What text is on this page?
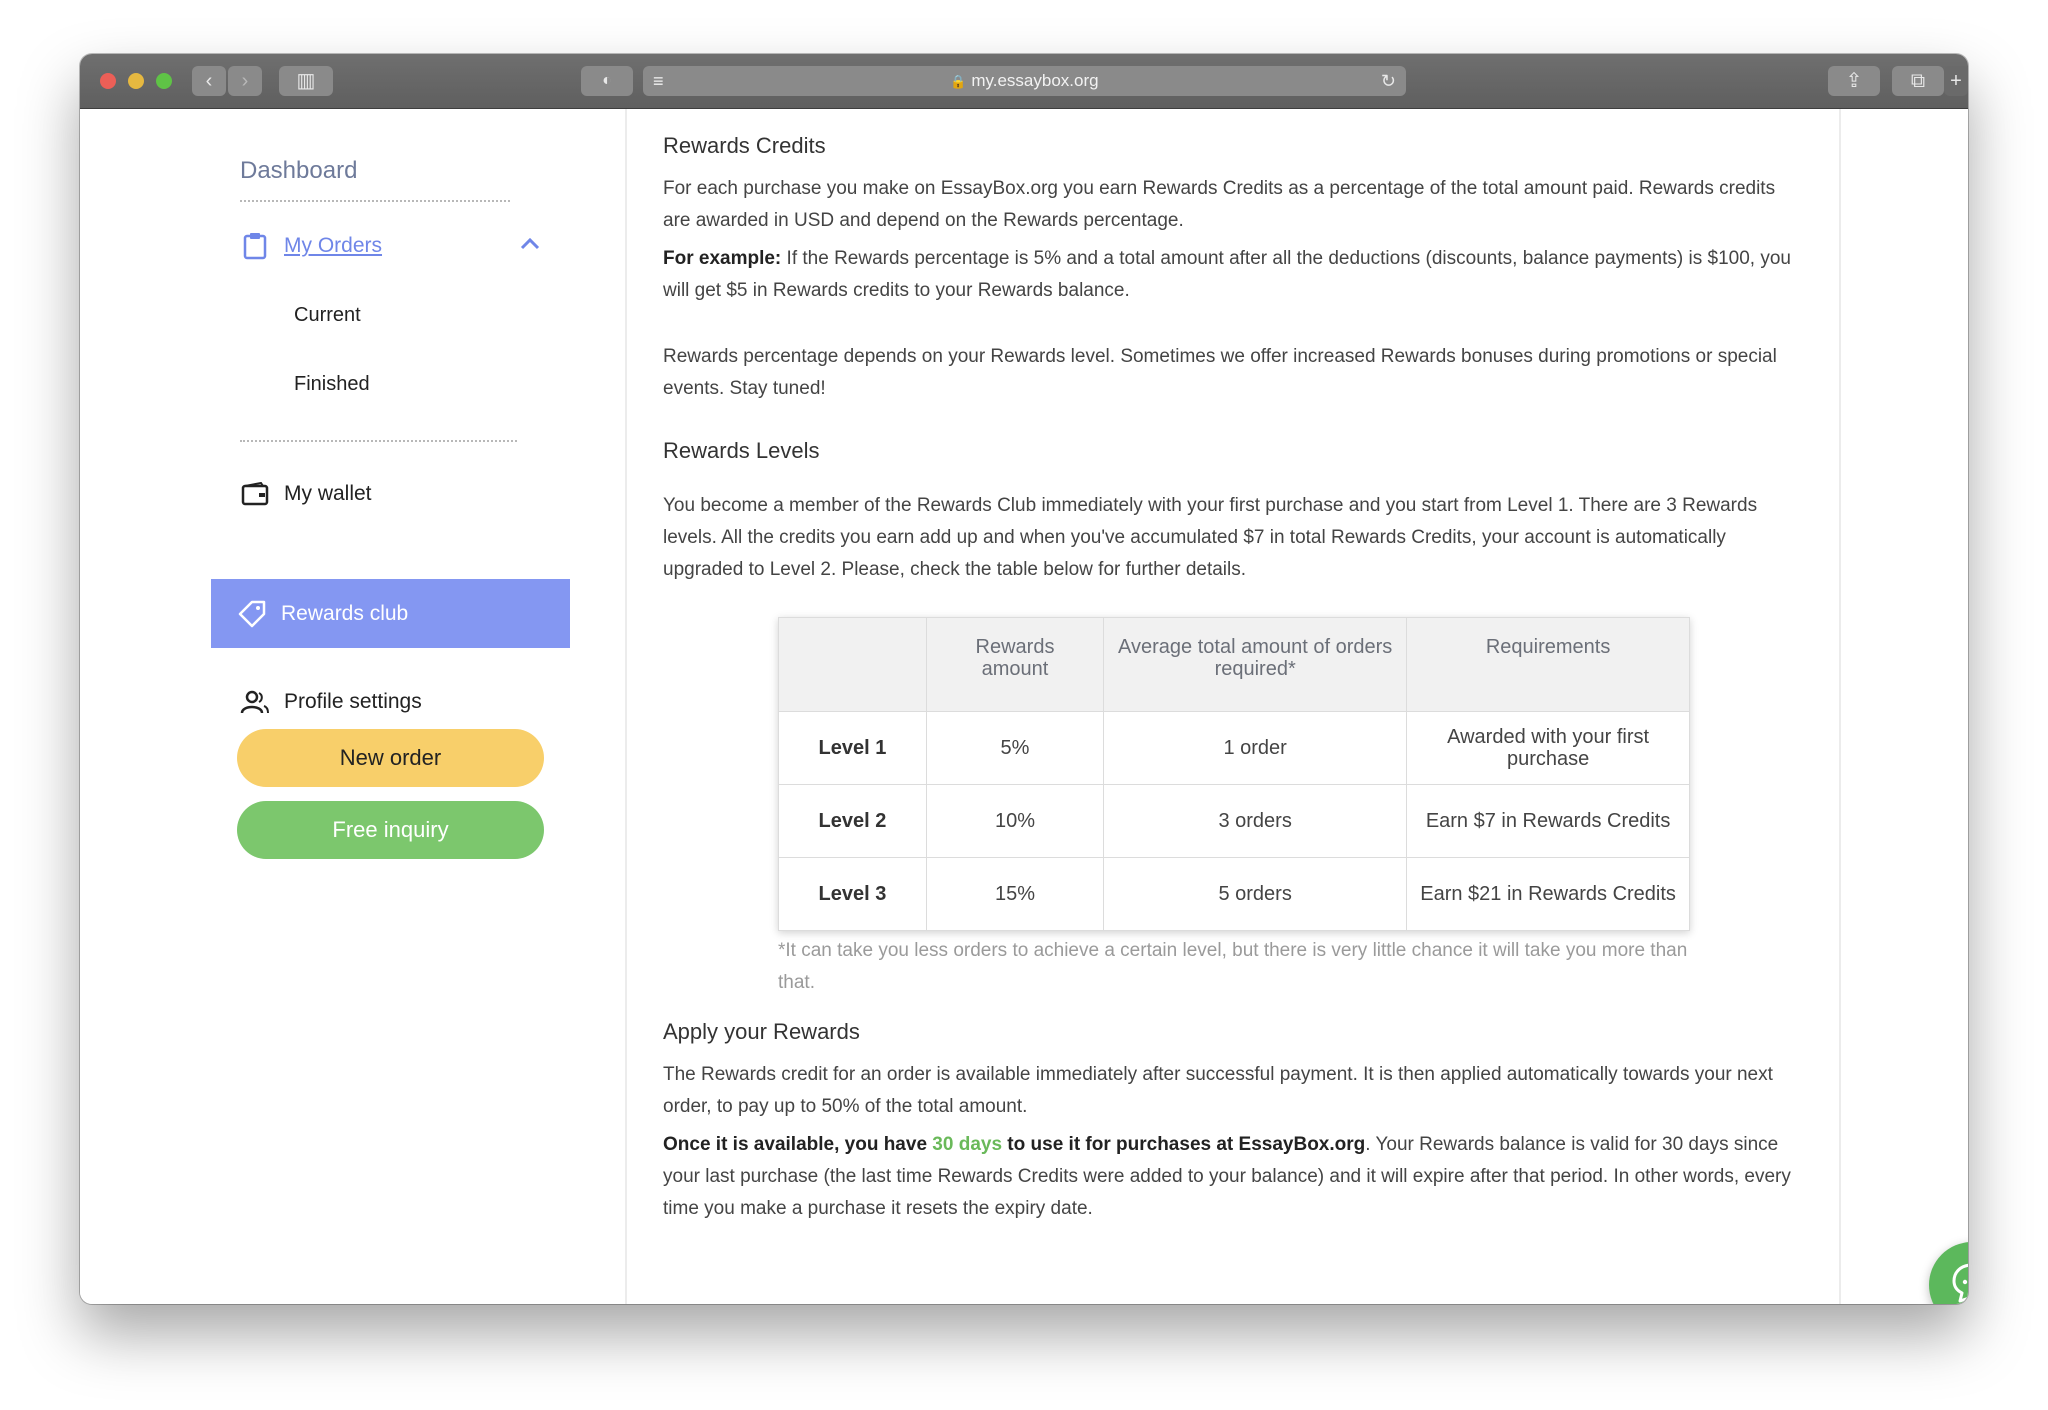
‹	›	▥	◐	≡	🔒 my.essaybox.org	↻	⇪	⧉	+
Dashboard
My Orders
Current
Finished
My wallet
Rewards club
Profile settings
New order
Free inquiry
Rewards Credits
For each purchase you make on EssayBox.org you earn Rewards Credits as a percentage of the total amount paid. Rewards credits are awarded in USD and depend on the Rewards percentage.
For example: If the Rewards percentage is 5% and a total amount after all the deductions (discounts, balance payments) is $100, you will get $5 in Rewards credits to your Rewards balance.
Rewards percentage depends on your Rewards level. Sometimes we offer increased Rewards bonuses during promotions or special events. Stay tuned!
Rewards Levels
You become a member of the Rewards Club immediately with your first purchase and you start from Level 1. There are 3 Rewards levels. All the credits you earn add up and when you've accumulated $7 in total Rewards Credits, your account is automatically upgraded to Level 2. Please, check the table below for further details.
	Rewards amount	Average total amount of orders required*	Requirements
Level 1	5%	1 order	Awarded with your first purchase
Level 2	10%	3 orders	Earn $7 in Rewards Credits
Level 3	15%	5 orders	Earn $21 in Rewards Credits
*It can take you less orders to achieve a certain level, but there is very little chance it will take you more than that.
Apply your Rewards
The Rewards credit for an order is available immediately after successful payment. It is then applied automatically towards your next order, to pay up to 50% of the total amount.
Once it is available, you have 30 days to use it for purchases at EssayBox.org. Your Rewards balance is valid for 30 days since your last purchase (the last time Rewards Credits were added to your balance) and it will expire after that period. In other words, every time you make a purchase it resets the expiry date.
